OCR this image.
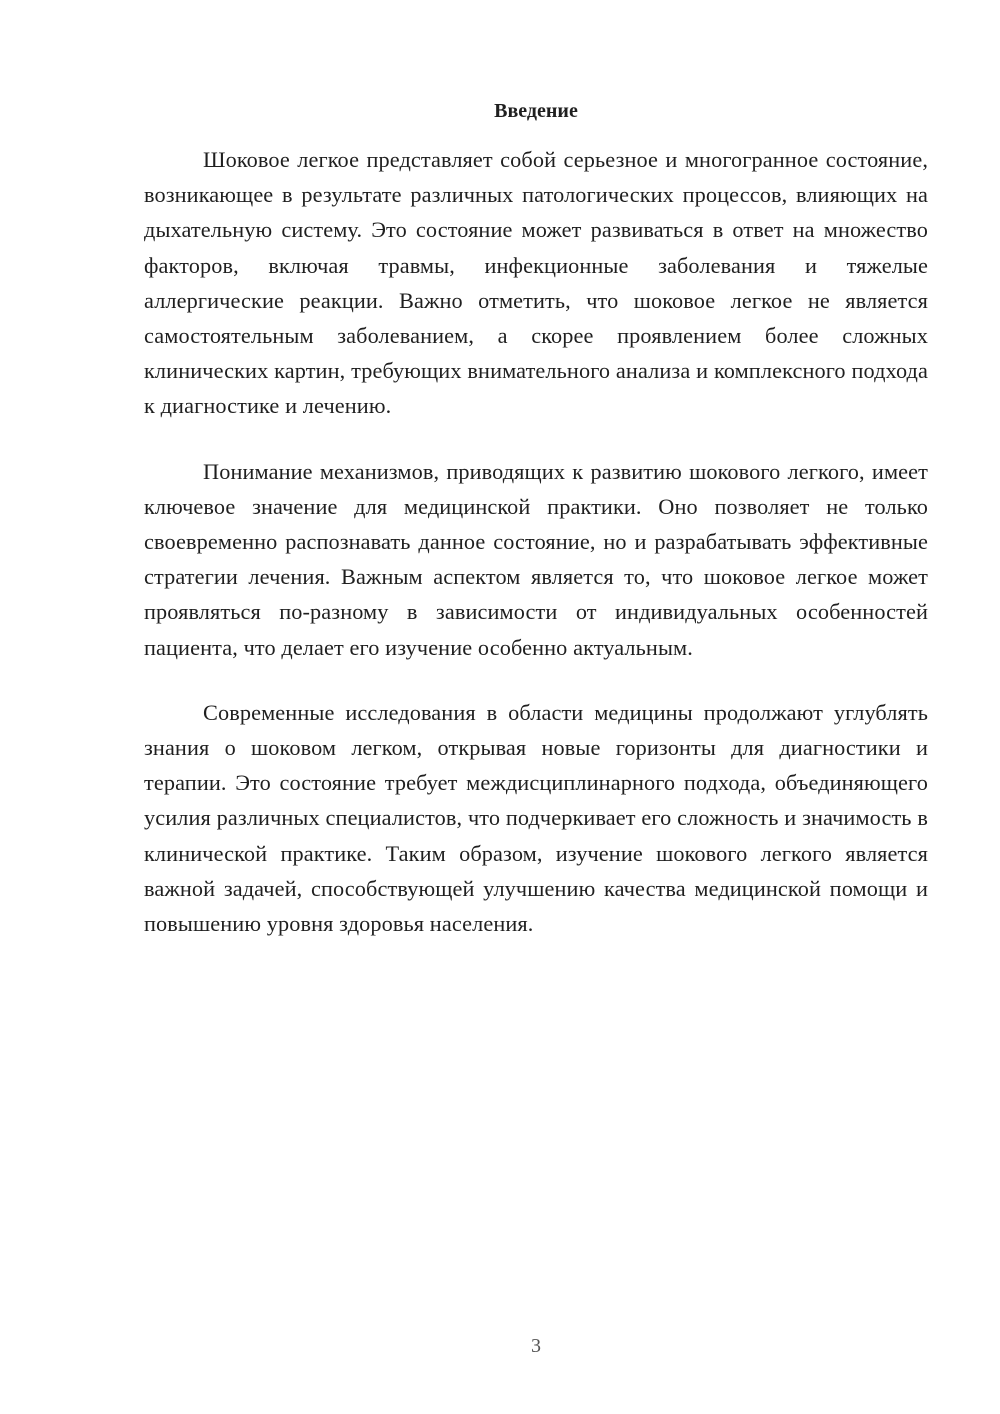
Введение

Шоковое легкое представляет собой серьезное и многогранное состояние, возникающее в результате различных патологических процессов, влияющих на дыхательную систему. Это состояние может развиваться в ответ на множество факторов, включая травмы, инфекционные заболевания и тяжелые аллергические реакции. Важно отметить, что шоковое легкое не является самостоятельным заболеванием, а скорее проявлением более сложных клинических картин, требующих внимательного анализа и комплексного подхода к диагностике и лечению.

Понимание механизмов, приводящих к развитию шокового легкого, имеет ключевое значение для медицинской практики. Оно позволяет не только своевременно распознавать данное состояние, но и разрабатывать эффективные стратегии лечения. Важным аспектом является то, что шоковое легкое может проявляться по-разному в зависимости от индивидуальных особенностей пациента, что делает его изучение особенно актуальным.

Современные исследования в области медицины продолжают углублять знания о шоковом легком, открывая новые горизонты для диагностики и терапии. Это состояние требует междисциплинарного подхода, объединяющего усилия различных специалистов, что подчеркивает его сложность и значимость в клинической практике. Таким образом, изучение шокового легкого является важной задачей, способствующей улучшению качества медицинской помощи и повышению уровня здоровья населения.

3
